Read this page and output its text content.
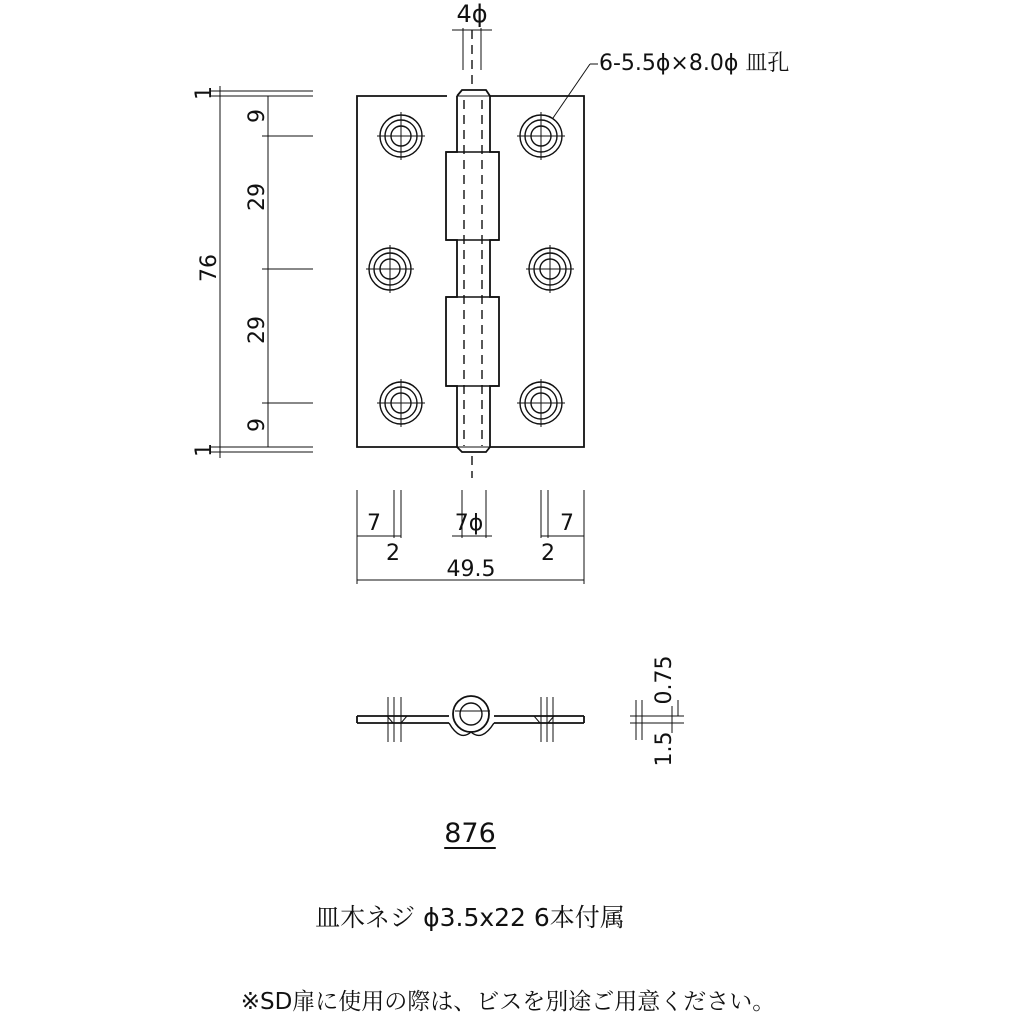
4ϕ
6-5.5ϕ×8.0ϕ 皿孔
1
9
29
76
29
9
1
7
2
7ϕ	7
2
49.5
0.75
1.5
876
皿木ネジ ϕ3.5x22 6本付属
※SD扉に使用の際は、ビスを別途ご用意ください。
